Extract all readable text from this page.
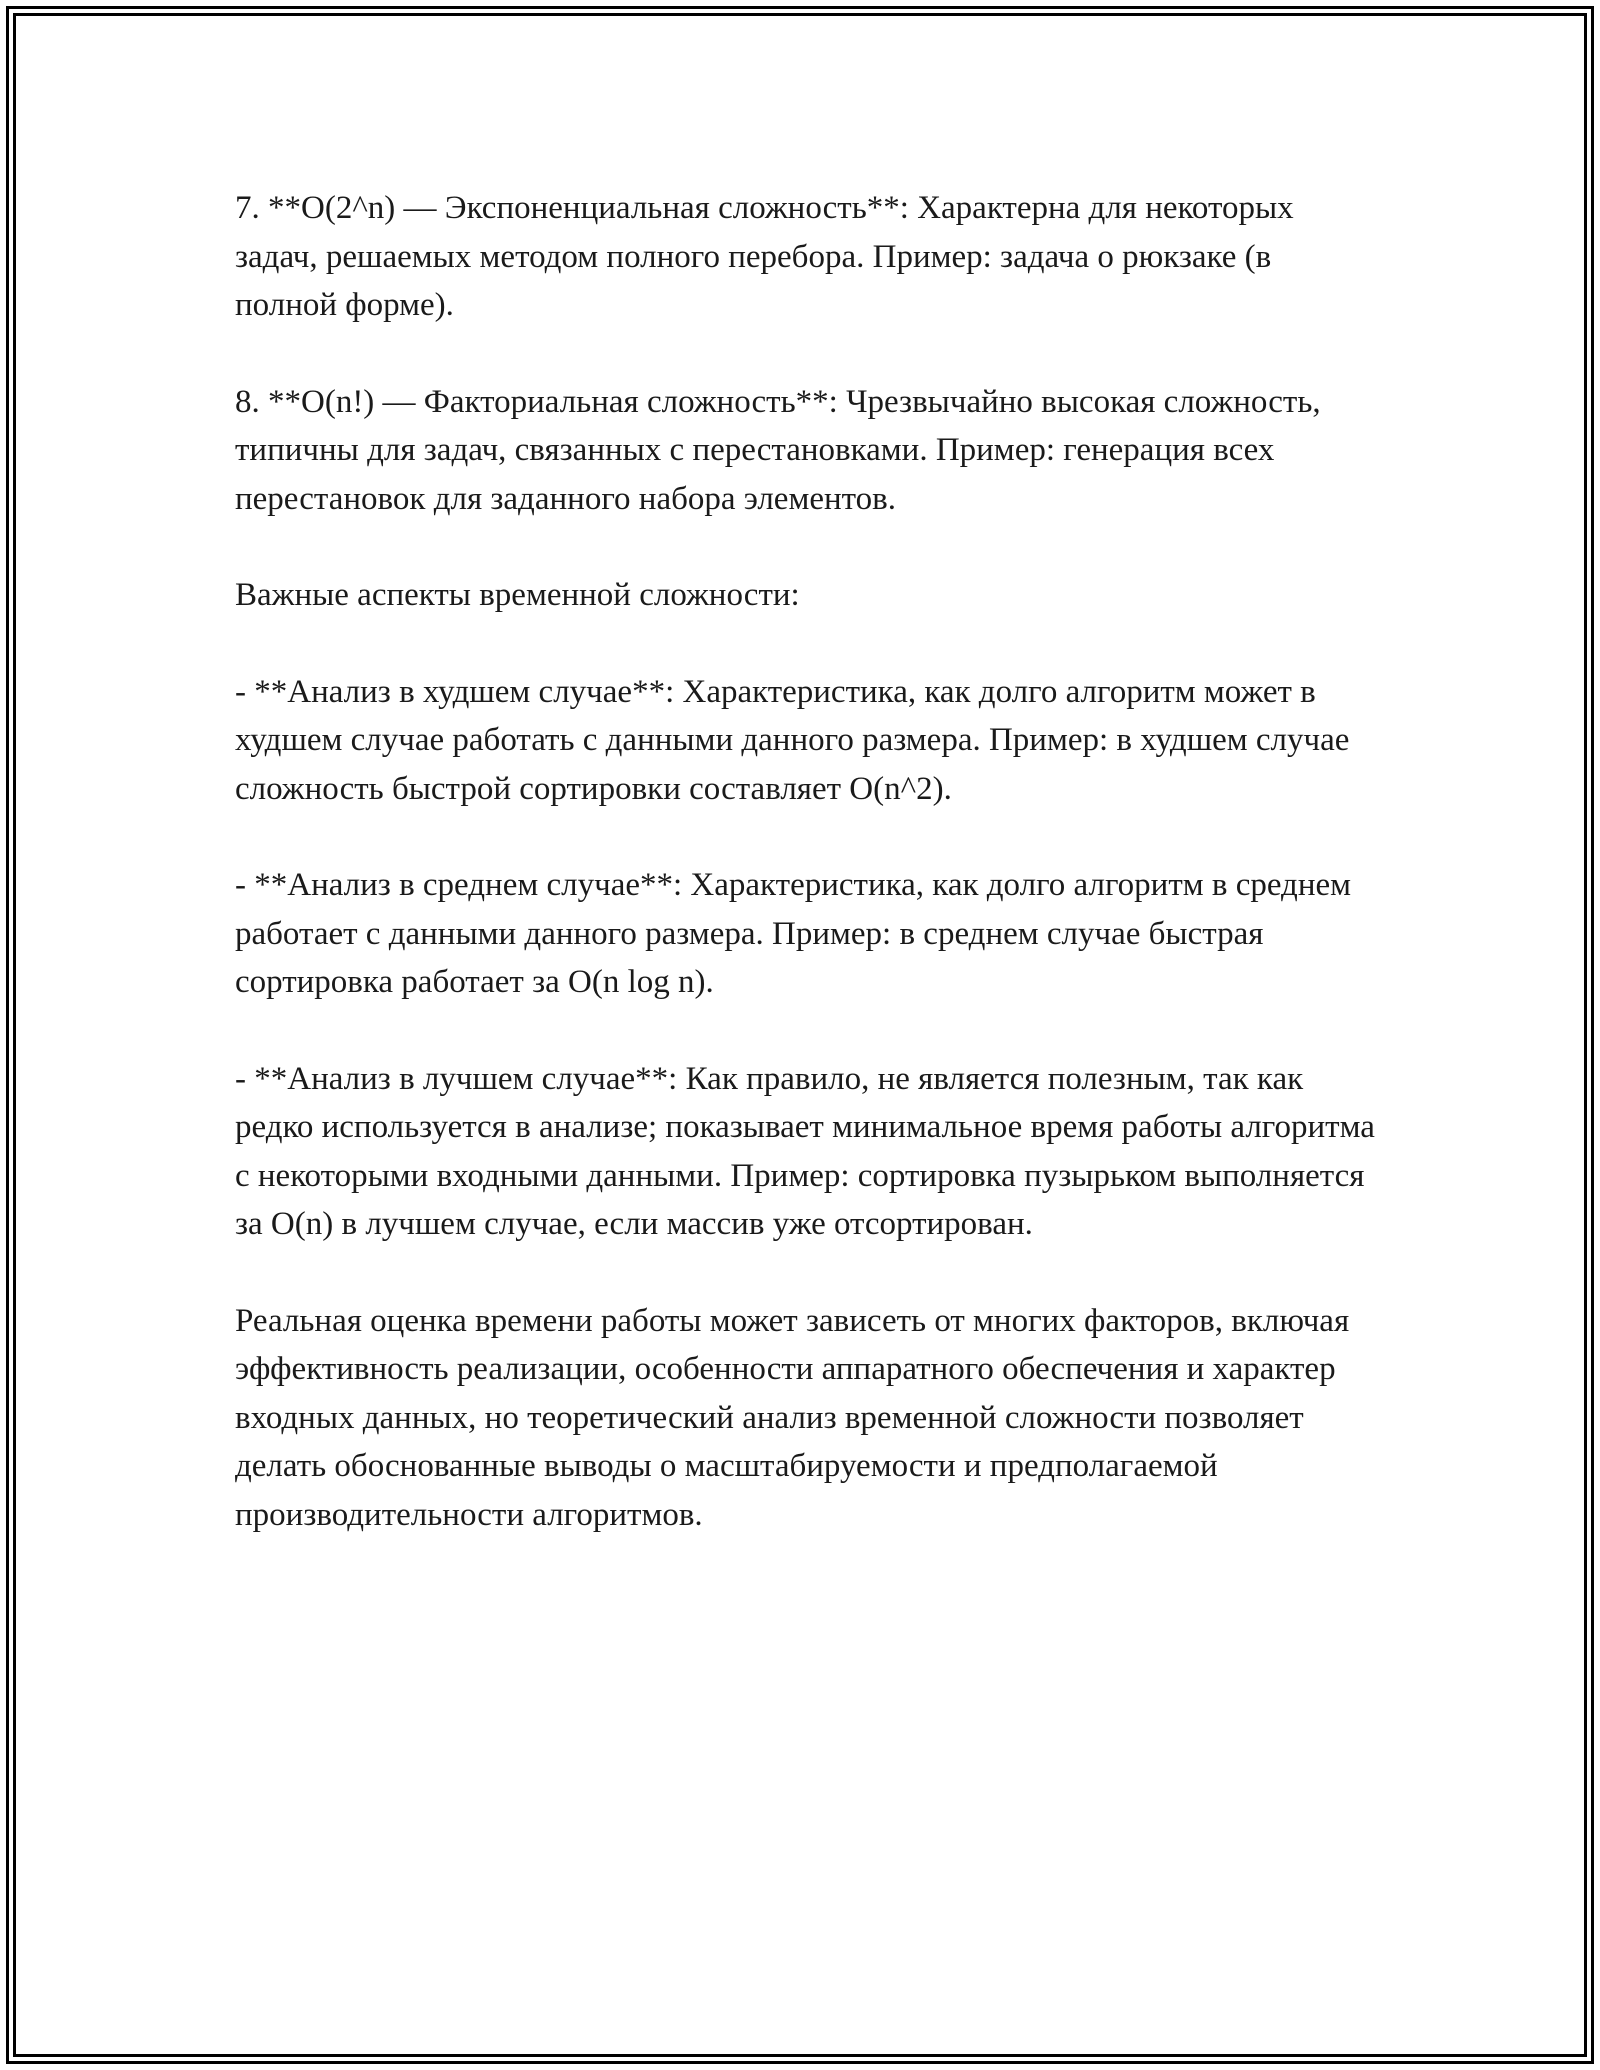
7. **O(2^n) — Экспоненциальная сложность**: Характерна для некоторых задач, решаемых методом полного перебора. Пример: задача о рюкзаке (в полной форме).

8. **O(n!) — Факториальная сложность**: Чрезвычайно высокая сложность, типичны для задач, связанных с перестановками. Пример: генерация всех перестановок для заданного набора элементов.

Важные аспекты временной сложности:

- **Анализ в худшем случае**: Характеристика, как долго алгоритм может в худшем случае работать с данными данного размера. Пример: в худшем случае сложность быстрой сортировки составляет O(n^2).

- **Анализ в среднем случае**: Характеристика, как долго алгоритм в среднем работает с данными данного размера. Пример: в среднем случае быстрая сортировка работает за O(n log n).

- **Анализ в лучшем случае**: Как правило, не является полезным, так как редко используется в анализе; показывает минимальное время работы алгоритма с некоторыми входными данными. Пример: сортировка пузырьком выполняется за O(n) в лучшем случае, если массив уже отсортирован.

Реальная оценка времени работы может зависеть от многих факторов, включая эффективность реализации, особенности аппаратного обеспечения и характер входных данных, но теоретический анализ временной сложности позволяет делать обоснованные выводы о масштабируемости и предполагаемой производительности алгоритмов.
